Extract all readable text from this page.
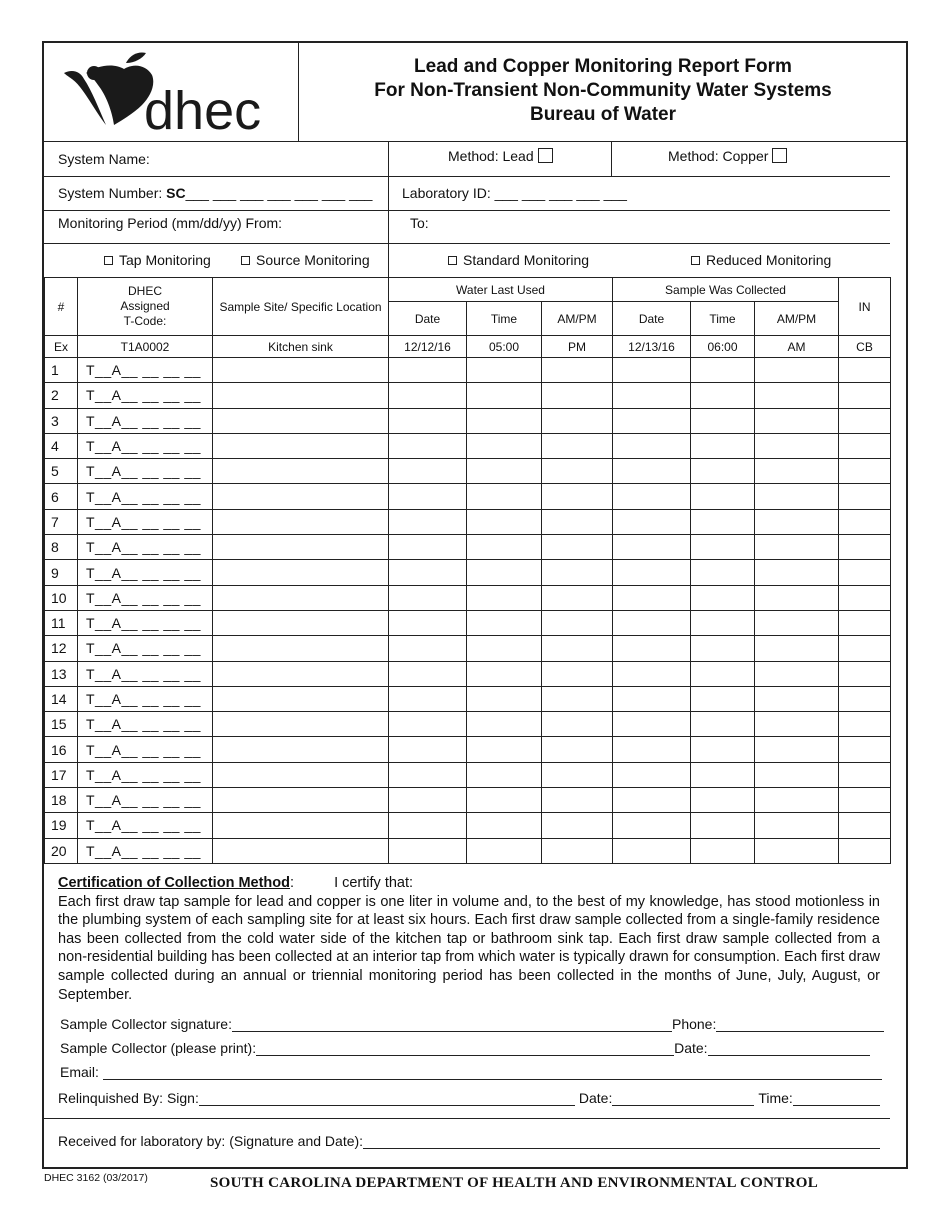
dhec
Lead and Copper Monitoring Report Form
For Non-Transient Non-Community Water Systems
Bureau of Water
System Name:	Method: Lead	Method: Copper
System Number:
SC ___ ___ ___ ___ ___ ___ ___ Laboratory ID: ___ ___ ___ ___ ___
Monitoring Period (mm/dd/yy) From:	To:
Tap Monitoring	Source Monitoring	Standard Monitoring	Reduced Monitoring
#	DHEC
Assigned
T-Code:	Sample Site/ Specific Location	Water Last Used			Sample Was Collected			IN
			Date	Time	AM/PM	Date	Time	AM/PM	
Ex	T1A0002	Kitchen sink	12/12/16	05:00	PM	12/13/16	06:00	AM	CB
1	T__A__ __ __ __								
2	T__A__ __ __ __								
3	T__A__ __ __ __								
4	T__A__ __ __ __								
5	T__A__ __ __ __								
6	T__A__ __ __ __								
7	T__A__ __ __ __								
8	T__A__ __ __ __								
9	T__A__ __ __ __								
10	T__A__ __ __ __								
11	T__A__ __ __ __								
12	T__A__ __ __ __								
13	T__A__ __ __ __								
14	T__A__ __ __ __								
15	T__A__ __ __ __								
16	T__A__ __ __ __								
17	T__A__ __ __ __								
18	T__A__ __ __ __								
19	T__A__ __ __ __								
20	T__A__ __ __ __								
Certification of Collection Method:	I certify that:
Each first draw tap sample for lead and copper is one liter in volume and, to the best of my knowledge, has stood motionless in the plumbing system of each sampling site for at least six hours. Each first draw sample collected from a single-family residence has been collected from the cold water side of the kitchen tap or bathroom sink tap. Each first draw sample collected from a non-residential building has been collected at an interior tap from which water is typically drawn for consumption. Each first draw sample collected during an annual or triennial monitoring period has been collected in the months of June, July, August, or September.
Sample Collector signature:	Phone:
Sample Collector (please print):	Date:
Email:
Relinquished By: Sign:	Date:	Time:
Received for laboratory by: (Signature and Date):
DHEC 3162 (03/2017)	SOUTH CAROLINA DEPARTMENT OF HEALTH AND ENVIRONMENTAL CONTROL
